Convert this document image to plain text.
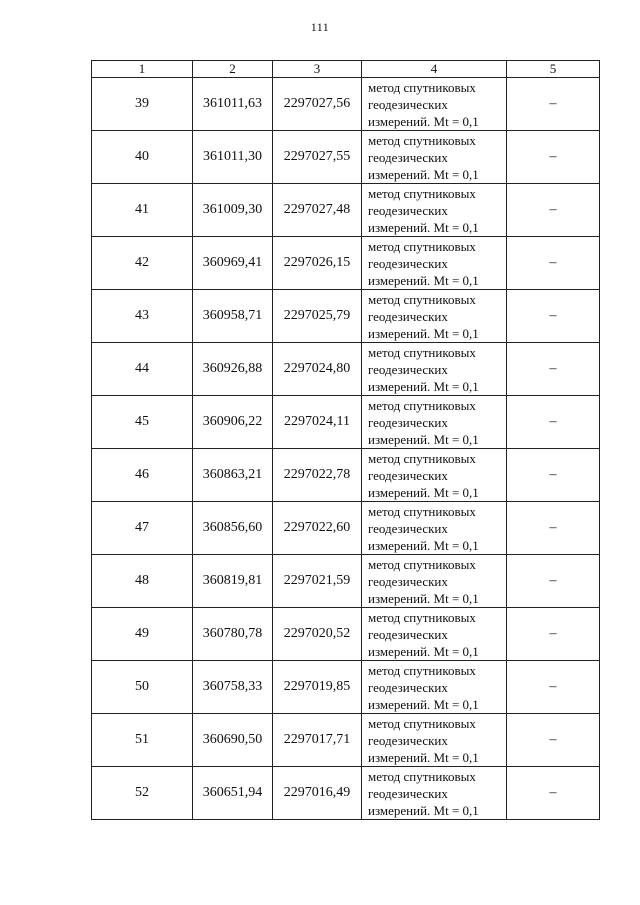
111
1	2	3	4	5
39	361011,63	2297027,56	метод спутниковых
геодезических
измерений. Mt = 0,1	–
40	361011,30	2297027,55	метод спутниковых
геодезических
измерений. Mt = 0,1	–
41	361009,30	2297027,48	метод спутниковых
геодезических
измерений. Mt = 0,1	–
42	360969,41	2297026,15	метод спутниковых
геодезических
измерений. Mt = 0,1	–
43	360958,71	2297025,79	метод спутниковых
геодезических
измерений. Mt = 0,1	–
44	360926,88	2297024,80	метод спутниковых
геодезических
измерений. Mt = 0,1	–
45	360906,22	2297024,11	метод спутниковых
геодезических
измерений. Mt = 0,1	–
46	360863,21	2297022,78	метод спутниковых
геодезических
измерений. Mt = 0,1	–
47	360856,60	2297022,60	метод спутниковых
геодезических
измерений. Mt = 0,1	–
48	360819,81	2297021,59	метод спутниковых
геодезических
измерений. Mt = 0,1	–
49	360780,78	2297020,52	метод спутниковых
геодезических
измерений. Mt = 0,1	–
50	360758,33	2297019,85	метод спутниковых
геодезических
измерений. Mt = 0,1	–
51	360690,50	2297017,71	метод спутниковых
геодезических
измерений. Mt = 0,1	–
52	360651,94	2297016,49	метод спутниковых
геодезических
измерений. Mt = 0,1	–
